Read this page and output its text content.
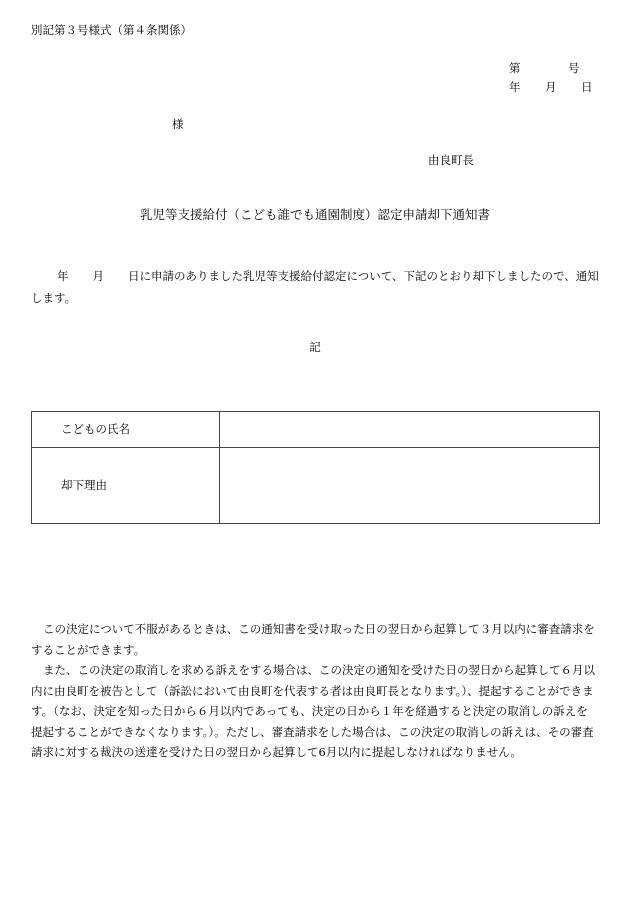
別記第３号様式（第４条関係）
第	号
年 月 日
様
由良町長
乳児等支援給付（こども誰でも通園制度）認定申請却下通知書
年 月 日に申請のありました乳児等支援給付認定について、下記のとおり却下しましたので、通知します。
記
こどもの氏名	
却下理由	

この決定について不服があるときは、この通知書を受け取った日の翌日から起算して３月以内に審査請求をすることができます。

また、この決定の取消しを求める訴えをする場合は、この決定の通知を受けた日の翌日から起算して６月以内に由良町を被告として（訴訟において由良町を代表する者は由良町長となります。）、提起することができます。（なお、決定を知った日から６月以内であっても、決定の日から１年を経過すると決定の取消しの訴えを提起することができなくなります。）。ただし、審査請求をした場合は、この決定の取消しの訴えは、その審査請求に対する裁決の送達を受けた日の翌日から起算して6月以内に提起しなければなりません。
